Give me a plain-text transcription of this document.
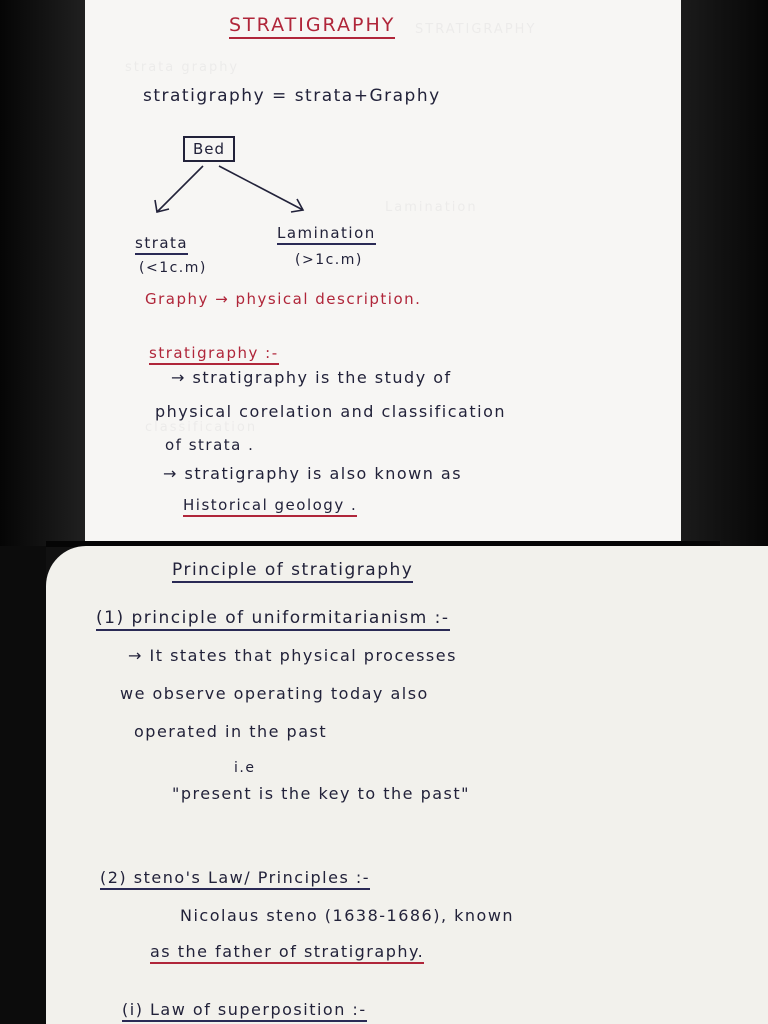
STRATIGRAPHY
strata graphy
Lamination
classification
STRATIGRAPHY
stratigraphy = strata+Graphy
Bed
strata
(<1c.m)
Lamination
(>1c.m)
Graphy → physical description.
stratigraphy :-
→ stratigraphy is the study of
physical corelation and classification
of strata .
→ stratigraphy is also known as
Historical geology .
Principle of stratigraphy
(1) principle of uniformitarianism :-
→ It states that physical processes
we observe operating today also
operated in the past
i.e
"present is the key to the past"
(2) steno's Law/ Principles :-
Nicolaus steno (1638-1686), known
as the father of stratigraphy.
(i) Law of superposition :-
